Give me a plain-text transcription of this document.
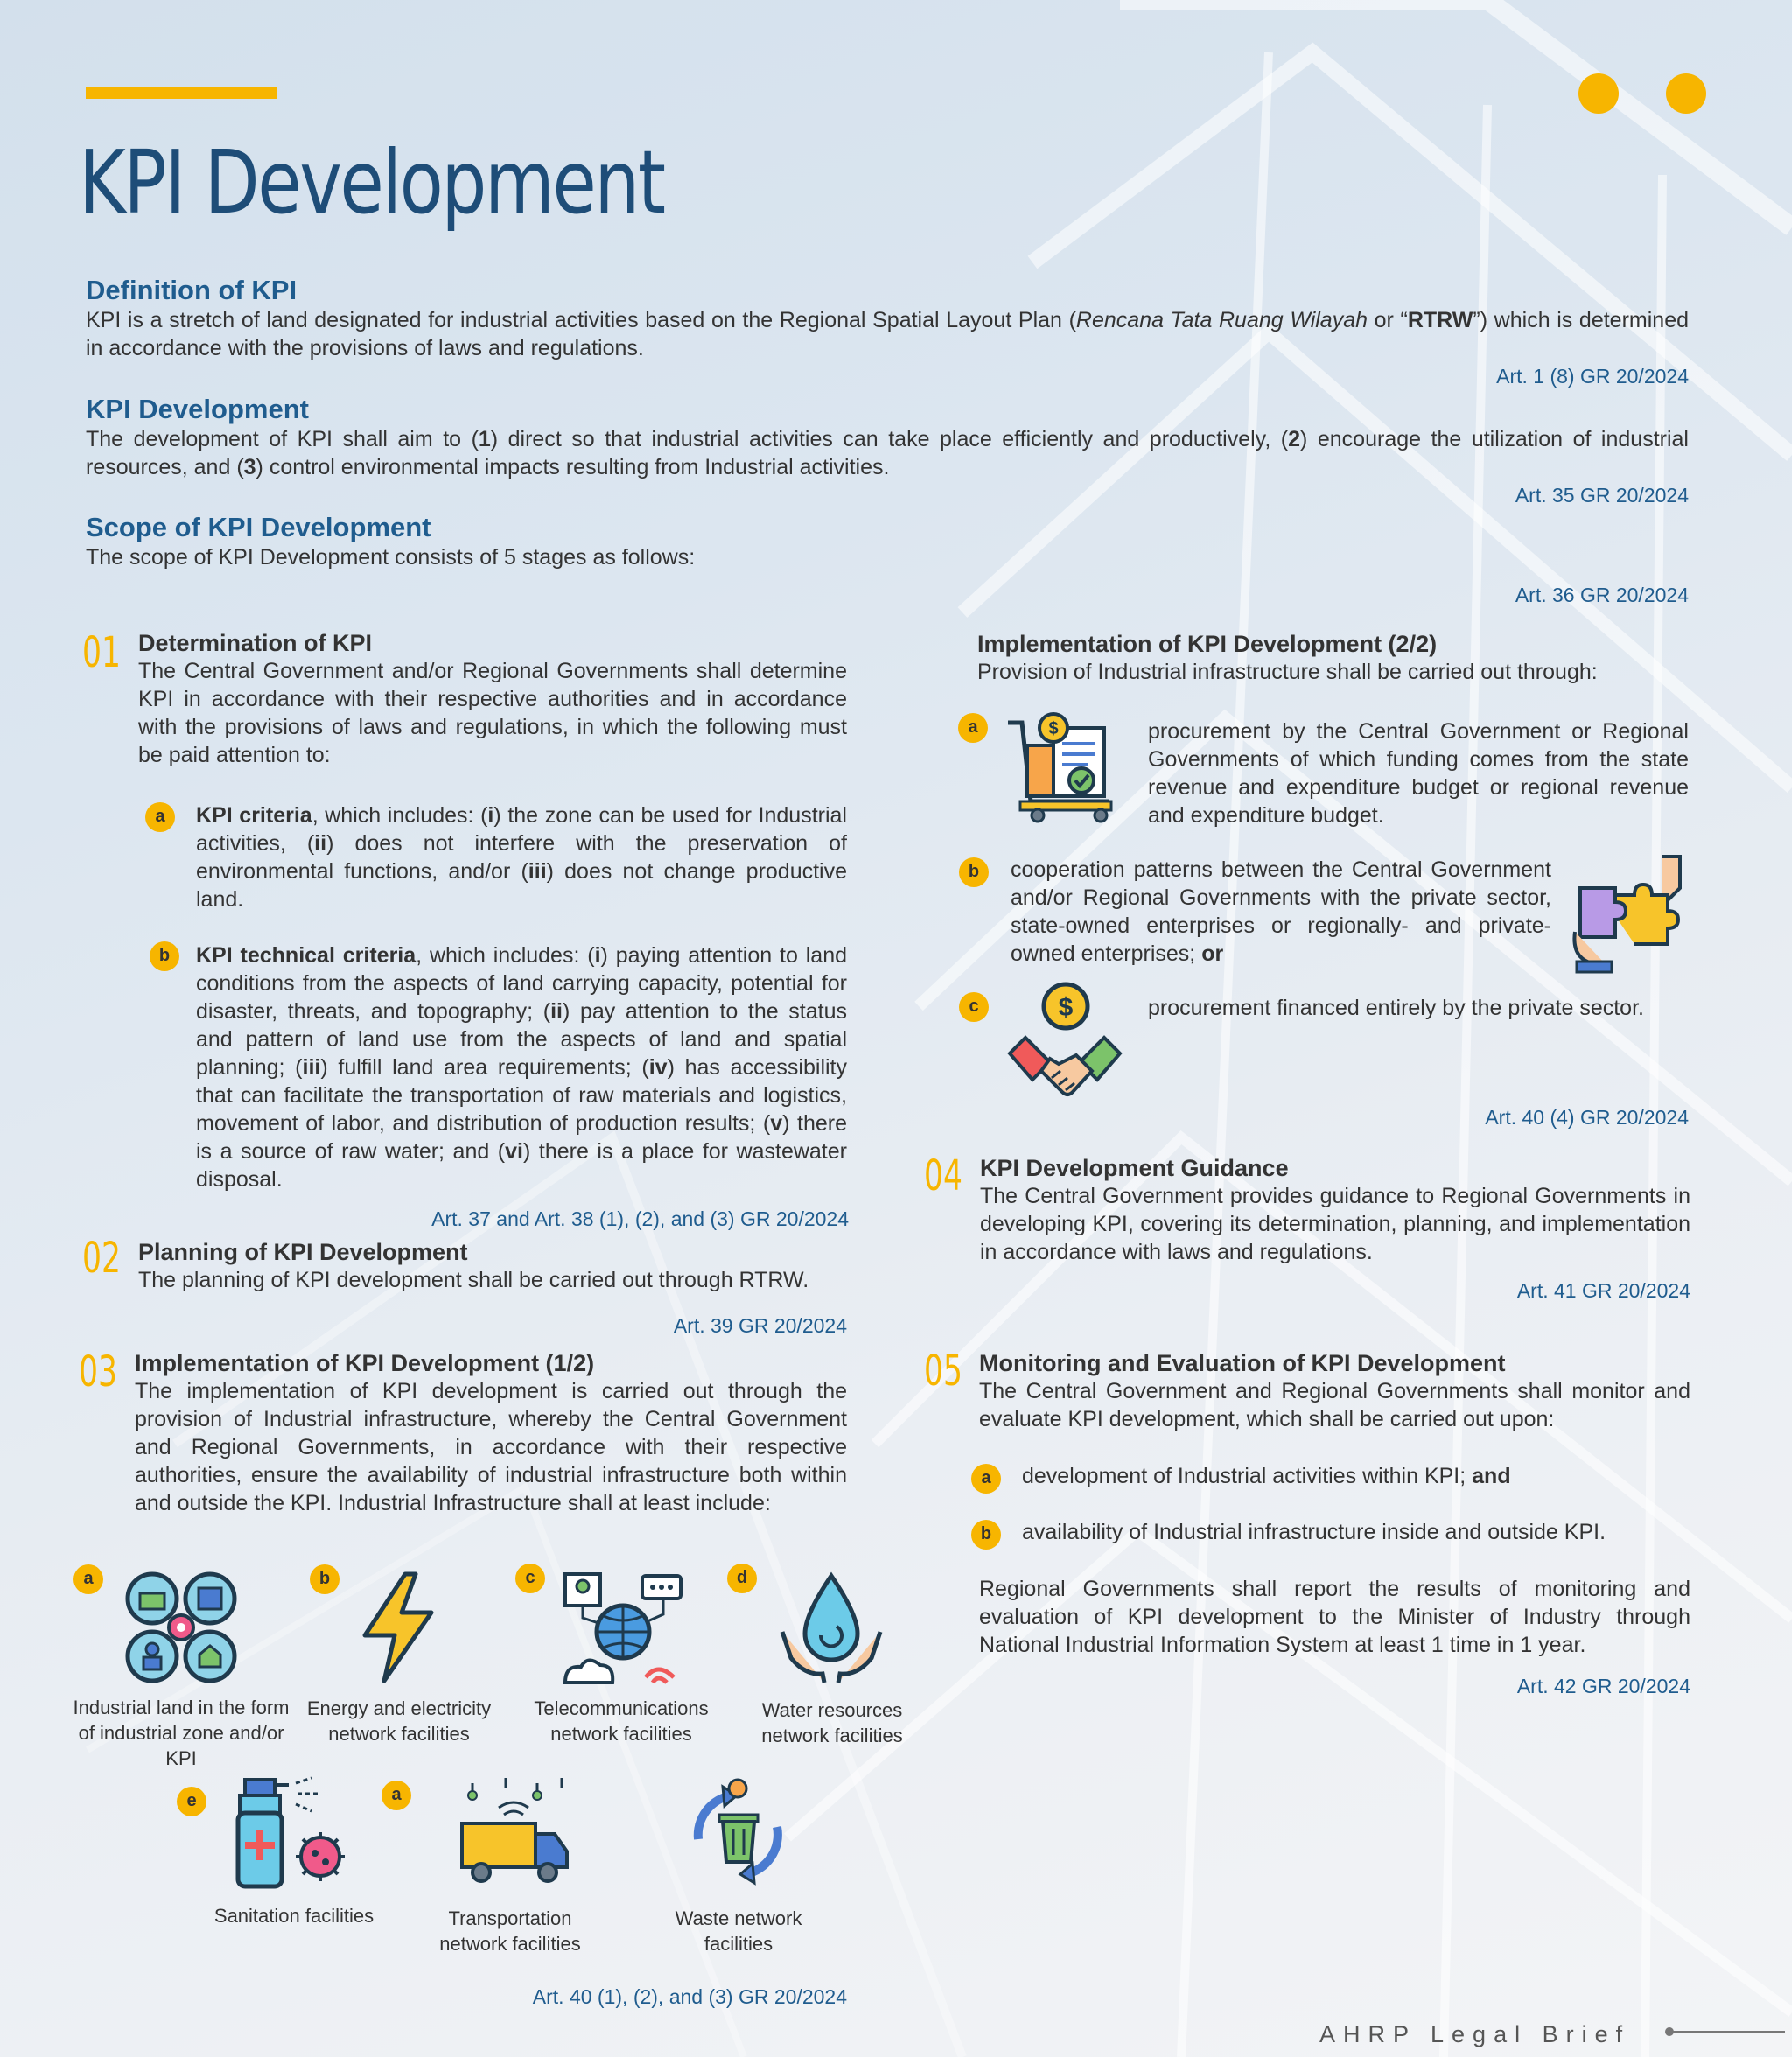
KPI Development
Definition of KPI

KPI is a stretch of land designated for industrial activities based on the Regional Spatial Layout Plan (Rencana Tata Ruang Wilayah or “RTRW”) which is determined in accordance with the provisions of laws and regulations.

Art. 1 (8) GR 20/2024
KPI Development

The development of KPI shall aim to (1) direct so that industrial activities can take place efficiently and productively, (2) encourage the utilization of industrial resources, and (3) control environmental impacts resulting from Industrial activities.

Art. 35 GR 20/2024
Scope of KPI Development

The scope of KPI Development consists of 5 stages as follows:

Art. 36 GR 20/2024
01 Determination of KPI

The Central Government and/or Regional Governments shall determine KPI in accordance with their respective authorities and in accordance with the provisions of laws and regulations, in which the following must be paid attention to:

a	KPI criteria, which includes: (i) the zone can be used for Industrial activities, (ii) does not interfere with the preservation of environmental functions, and/or (iii) does not change productive land.

b	KPI technical criteria, which includes: (i) paying attention to land conditions from the aspects of land carrying capacity, potential for disaster, threats, and topography; (ii) pay attention to the status and pattern of land use from the aspects of land and spatial planning; (iii) fulfill land area requirements; (iv) has accessibility that can facilitate the transportation of raw materials and logistics, movement of labor, and distribution of production results; (v) there is a source of raw water; and (vi) there is a place for wastewater disposal.

Art. 37 and Art. 38 (1), (2), and (3) GR 20/2024
02 Planning of KPI Development

The planning of KPI development shall be carried out through RTRW.

Art. 39 GR 20/2024
03 Implementation of KPI Development (1/2)

The implementation of KPI development is carried out through the provision of Industrial infrastructure, whereby the Central Government and Regional Governments, in accordance with their respective authorities, ensure the availability of industrial infrastructure both within and outside the KPI. Industrial Infrastructure shall at least include:

a
Industrial land in the form of industrial zone and/or KPI
b
Energy and electricity network facilities
c
Telecommunications network facilities
d
Water resources network facilities
e
Sanitation facilities
a
Transportation network facilities
Waste network facilities
Art. 40 (1), (2), and (3) GR 20/2024
Implementation of KPI Development (2/2)

Provision of Industrial infrastructure shall be carried out through:

a	$	procurement by the Central Government or Regional Governments of which funding comes from the state revenue and expenditure budget or regional revenue and expenditure budget.

b	cooperation patterns between the Central Government and/or Regional Governments with the private sector, state-owned enterprises or regionally- and private-owned enterprises; or

c	$	procurement financed entirely by the private sector.

Art. 40 (4) GR 20/2024
04 KPI Development Guidance

The Central Government provides guidance to Regional Governments in developing KPI, covering its determination, planning, and implementation in accordance with laws and regulations.

Art. 41 GR 20/2024
05 Monitoring and Evaluation of KPI Development

The Central Government and Regional Governments shall monitor and evaluate KPI development, which shall be carried out upon:

a	development of Industrial activities within KPI; and

b	availability of Industrial infrastructure inside and outside KPI.

Regional Governments shall report the results of monitoring and evaluation of KPI development to the Minister of Industry through National Industrial Information System at least 1 time in 1 year.

Art. 42 GR 20/2024
AHRP Legal Brief
